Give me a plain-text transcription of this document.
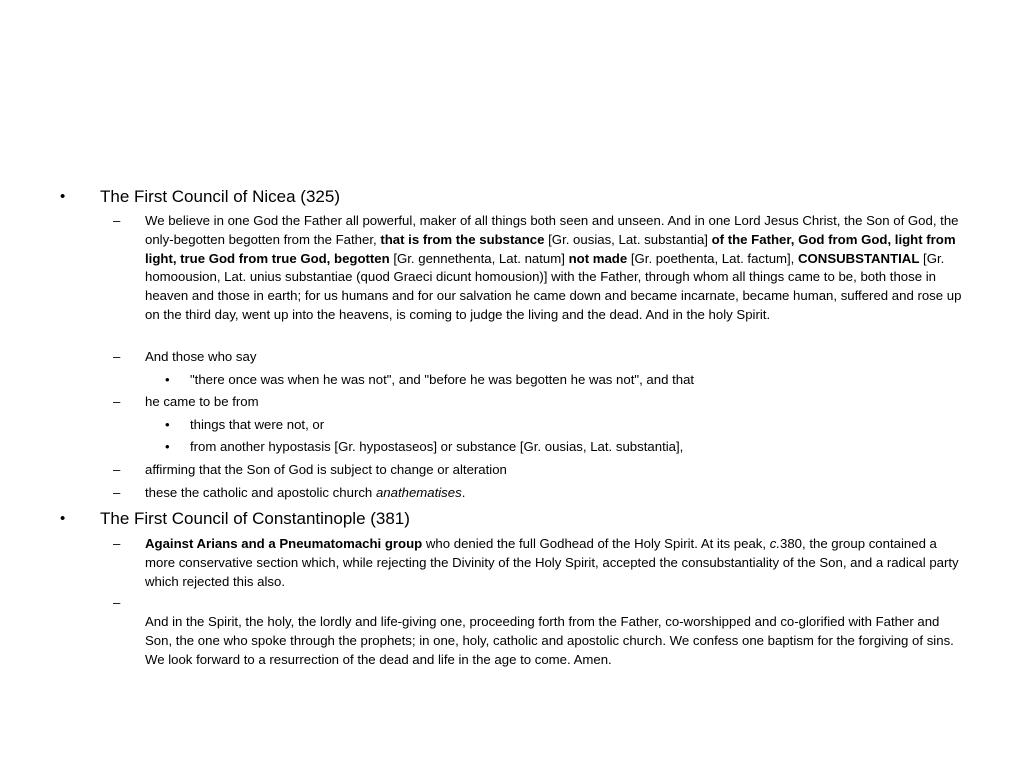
• The First Council of Nicea (325)
– We believe in one God the Father all powerful, maker of all things both seen and unseen. And in one Lord Jesus Christ, the Son of God, the only-begotten begotten from the Father, that is from the substance [Gr. ousias, Lat. substantia] of the Father, God from God, light from light, true God from true God, begotten [Gr. gennethenta, Lat. natum] not made [Gr. poethenta, Lat. factum], CONSUBSTANTIAL [Gr. homoousion, Lat. unius substantiae (quod Graeci dicunt homousion)] with the Father, through whom all things came to be, both those in heaven and those in earth; for us humans and for our salvation he came down and became incarnate, became human, suffered and rose up on the third day, went up into the heavens, is coming to judge the living and the dead. And in the holy Spirit.
– And those who say
• "there once was when he was not", and "before he was begotten he was not", and that
– he came to be from
• things that were not, or
• from another hypostasis [Gr. hypostaseos] or substance [Gr. ousias, Lat. substantia],
– affirming that the Son of God is subject to change or alteration
– these the catholic and apostolic church anathematises.
• The First Council of Constantinople (381)
– Against Arians and a Pneumatomachi group who denied the full Godhead of the Holy Spirit. At its peak, c.380, the group contained a more conservative section which, while rejecting the Divinity of the Holy Spirit, accepted the consubstantiality of the Son, and a radical party which rejected this also.
–
And in the Spirit, the holy, the lordly and life-giving one, proceeding forth from the Father, co-worshipped and co-glorified with Father and Son, the one who spoke through the prophets; in one, holy, catholic and apostolic church. We confess one baptism for the forgiving of sins. We look forward to a resurrection of the dead and life in the age to come. Amen.
